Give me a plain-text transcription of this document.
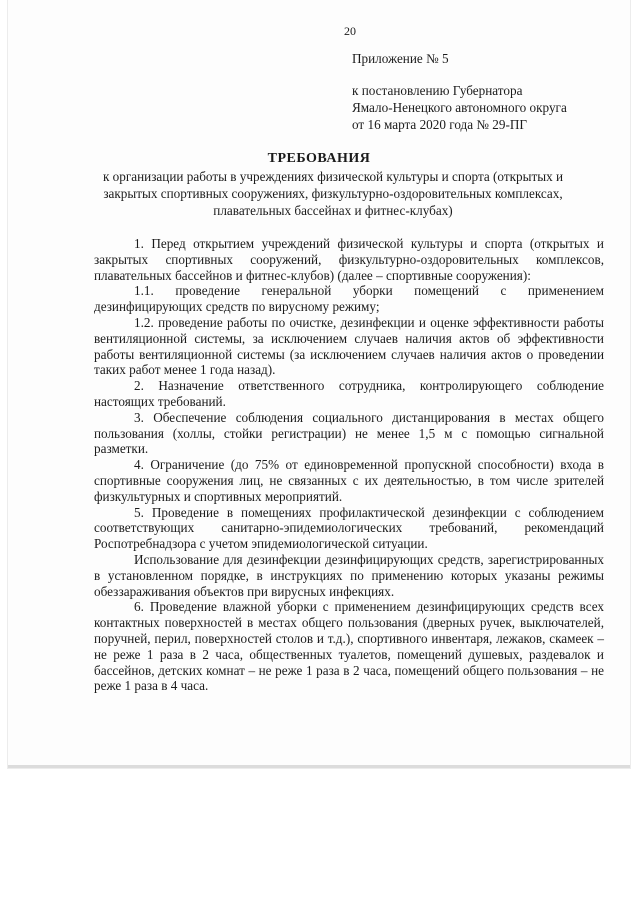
20
Приложение № 5
к постановлению Губернатора
Ямало-Ненецкого автономного округа
от 16 марта 2020 года № 29-ПГ
ТРЕБОВАНИЯ
к организации работы в учреждениях физической культуры и спорта (открытых и закрытых спортивных сооружениях, физкультурно-оздоровительных комплексах, плавательных бассейнах и фитнес-клубах)

1. Перед открытием учреждений физической культуры и спорта (открытых и закрытых спортивных сооружений, физкультурно-оздоровительных комплексов, плавательных бассейнов и фитнес-клубов) (далее – спортивные сооружения):

1.1. проведение генеральной уборки помещений с применением дезинфицирующих средств по вирусному режиму;

1.2. проведение работы по очистке, дезинфекции и оценке эффективности работы вентиляционной системы, за исключением случаев наличия актов об эффективности работы вентиляционной системы (за исключением случаев наличия актов о проведении таких работ менее 1 года назад).

2. Назначение ответственного сотрудника, контролирующего соблюдение настоящих требований.

3. Обеспечение соблюдения социального дистанцирования в местах общего пользования (холлы, стойки регистрации) не менее 1,5 м с помощью сигнальной разметки.

4. Ограничение (до 75% от единовременной пропускной способности) входа в спортивные сооружения лиц, не связанных с их деятельностью, в том числе зрителей физкультурных и спортивных мероприятий.

5. Проведение в помещениях профилактической дезинфекции с соблюдением соответствующих санитарно-эпидемиологических требований, рекомендаций Роспотребнадзора с учетом эпидемиологической ситуации.

Использование для дезинфекции дезинфицирующих средств, зарегистрированных в установленном порядке, в инструкциях по применению которых указаны режимы обеззараживания объектов при вирусных инфекциях.

6. Проведение влажной уборки с применением дезинфицирующих средств всех контактных поверхностей в местах общего пользования (дверных ручек, выключателей, поручней, перил, поверхностей столов и т.д.), спортивного инвентаря, лежаков, скамеек – не реже 1 раза в 2 часа, общественных туалетов, помещений душевых, раздевалок и бассейнов, детских комнат – не реже 1 раза в 2 часа, помещений общего пользования – не реже 1 раза в 4 часа.
